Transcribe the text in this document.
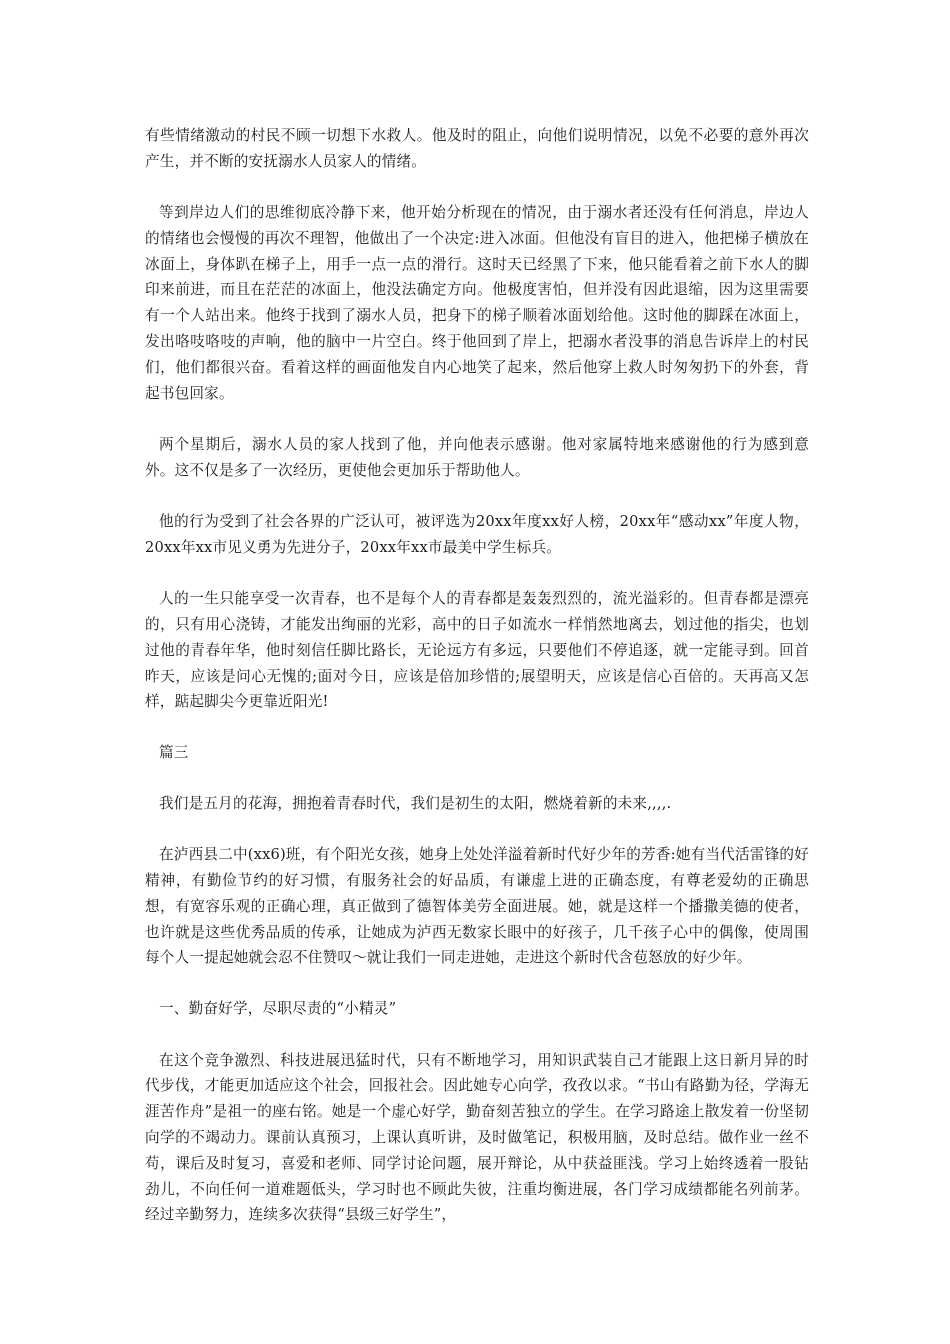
有些情绪激动的村民不顾一切想下水救人。他及时的阻止，向他们说明情况，以免不必要的意外再次产生，并不断的安抚溺水人员家人的情绪。

等到岸边人们的思维彻底冷静下来，他开始分析现在的情况，由于溺水者还没有任何消息，岸边人的情绪也会慢慢的再次不理智，他做出了一个决定:进入冰面。但他没有盲目的进入，他把梯子横放在冰面上，身体趴在梯子上，用手一点一点的滑行。这时天已经黑了下来，他只能看着之前下水人的脚印来前进，而且在茫茫的冰面上，他没法确定方向。他极度害怕，但并没有因此退缩，因为这里需要有一个人站出来。他终于找到了溺水人员，把身下的梯子顺着冰面划给他。这时他的脚踩在冰面上，发出咯吱咯吱的声响，他的脑中一片空白。终于他回到了岸上，把溺水者没事的消息告诉岸上的村民们，他们都很兴奋。看着这样的画面他发自内心地笑了起来，然后他穿上救人时匆匆扔下的外套，背起书包回家。

两个星期后，溺水人员的家人找到了他，并向他表示感谢。他对家属特地来感谢他的行为感到意外。这不仅是多了一次经历，更使他会更加乐于帮助他人。

他的行为受到了社会各界的广泛认可，被评选为20xx年度xx好人榜，20xx年“感动xx”年度人物， 20xx年xx市见义勇为先进分子，20xx年xx市最美中学生标兵。

人的一生只能享受一次青春，也不是每个人的青春都是轰轰烈烈的，流光溢彩的。但青春都是漂亮的，只有用心浇铸，才能发出绚丽的光彩，高中的日子如流水一样悄然地离去，划过他的指尖，也划过他的青春年华，他时刻信任脚比路长，无论远方有多远，只要他们不停追逐，就一定能寻到。回首昨天，应该是问心无愧的;面对今日，应该是倍加珍惜的;展望明天，应该是信心百倍的。天再高又怎样，踮起脚尖今更靠近阳光!

篇三

我们是五月的花海，拥抱着青春时代，我们是初生的太阳，燃烧着新的未来,,,,.

在泸西县二中(xx6)班，有个阳光女孩，她身上处处洋溢着新时代好少年的芳香:她有当代活雷锋的好精神，有勤俭节约的好习惯，有服务社会的好品质，有谦虚上进的正确态度，有尊老爱幼的正确思想，有宽容乐观的正确心理，真正做到了德智体美劳全面进展。她，就是这样一个播撒美德的使者，也许就是这些优秀品质的传承，让她成为泸西无数家长眼中的好孩子，几千孩子心中的偶像，使周围每个人一提起她就会忍不住赞叹～就让我们一同走进她，走进这个新时代含苞怒放的好少年。

一、勤奋好学，尽职尽责的“小精灵”

在这个竞争激烈、科技进展迅猛时代，只有不断地学习，用知识武装自己才能跟上这日新月异的时代步伐，才能更加适应这个社会，回报社会。因此她专心向学，孜孜以求。“书山有路勤为径，学海无涯苦作舟”是祖一的座右铭。她是一个虚心好学，勤奋刻苦独立的学生。在学习路途上散发着一份坚韧向学的不竭动力。课前认真预习，上课认真听讲，及时做笔记，积极用脑，及时总结。做作业一丝不苟，课后及时复习，喜爱和老师、同学讨论问题，展开辩论，从中获益匪浅。学习上始终透着一股钻劲儿，不向任何一道难题低头，学习时也不顾此失彼，注重均衡进展，各门学习成绩都能名列前茅。经过辛勤努力，连续多次获得“县级三好学生”，
